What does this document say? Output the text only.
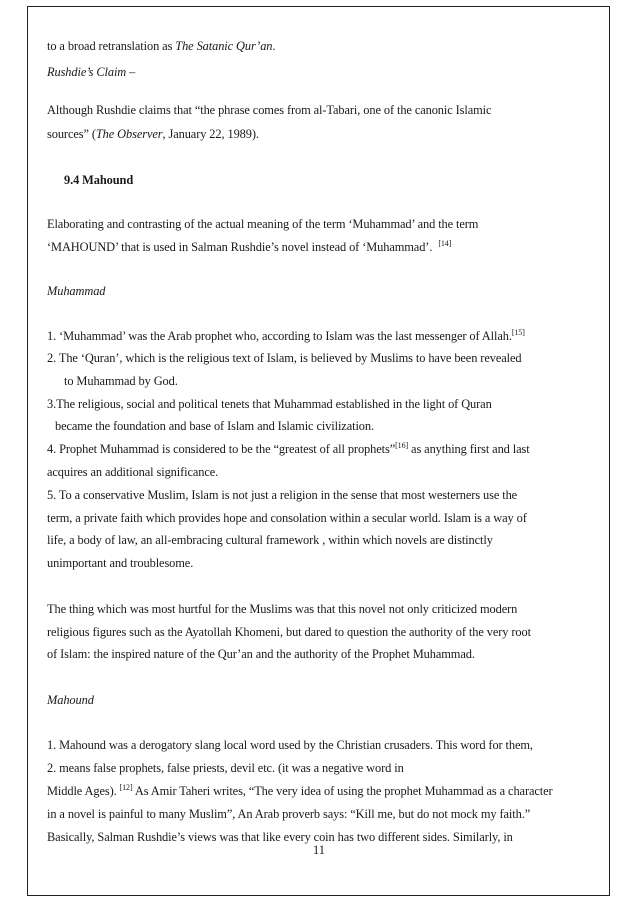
to a broad retranslation as The Satanic Qur’an.
Rushdie’s Claim –
Although Rushdie claims that “the phrase comes from al-Tabari, one of the canonic Islamic
sources” (The Observer, January 22, 1989).
9.4 Mahound
Elaborating and contrasting of the actual meaning of the term ‘Muhammad’ and the term
‘MAHOUND’ that is used in Salman Rushdie’s novel instead of ‘Muhammad’. [14]
Muhammad
1. ‘Muhammad’ was the Arab prophet who, according to Islam was the last messenger of Allah.[15]
2. The ‘Quran’, which is the religious text of Islam, is believed by Muslims to have been revealed
to Muhammad by God.
3.The religious, social and political tenets that Muhammad established in the light of Quran
became the foundation and base of Islam and Islamic civilization.
4. Prophet Muhammad is considered to be the “greatest of all prophets”[16] as anything first and last
acquires an additional significance.
5. To a conservative Muslim, Islam is not just a religion in the sense that most westerners use the
term, a private faith which provides hope and consolation within a secular world. Islam is a way of
life, a body of law, an all-embracing cultural framework , within which novels are distinctly
unimportant and troublesome.
The thing which was most hurtful for the Muslims was that this novel not only criticized modern
religious figures such as the Ayatollah Khomeni, but dared to question the authority of the very root
of Islam: the inspired nature of the Qur’an and the authority of the Prophet Muhammad.
Mahound
1. Mahound was a derogatory slang local word used by the Christian crusaders. This word for them,
2. means false prophets, false priests, devil etc. (it was a negative word in
Middle Ages). [12] As Amir Taheri writes, “The very idea of using the prophet Muhammad as a character
in a novel is painful to many Muslim”, An Arab proverb says: “Kill me, but do not mock my faith.”
Basically, Salman Rushdie’s views was that like every coin has two different sides. Similarly, in
11
